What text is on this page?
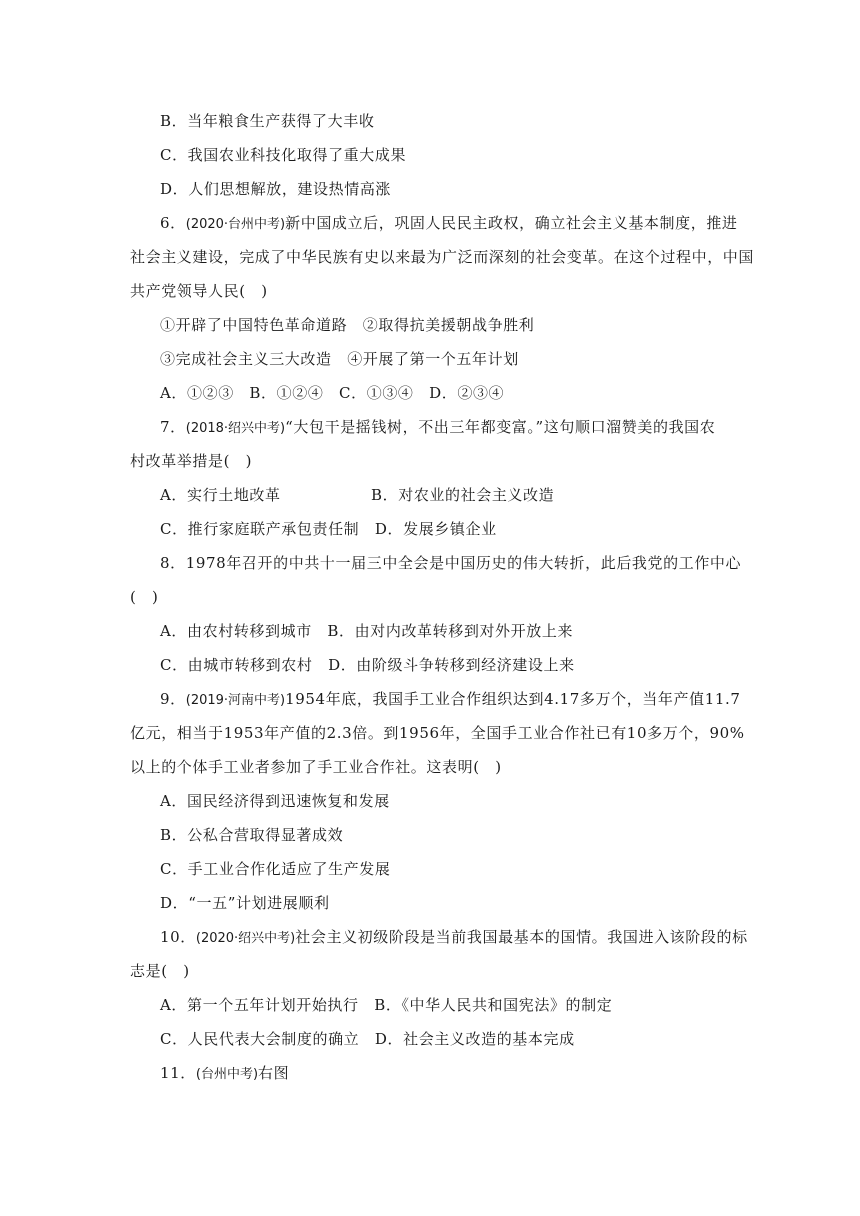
B．当年粮食生产获得了大丰收
C．我国农业科技化取得了重大成果
D．人们思想解放，建设热情高涨
6．(2020·台州中考)新中国成立后，巩固人民民主政权，确立社会主义基本制度，推进
社会主义建设，完成了中华民族有史以来最为广泛而深刻的社会变革。在这个过程中，中国
共产党领导人民(　)
①开辟了中国特色革命道路　②取得抗美援朝战争胜利
③完成社会主义三大改造　④开展了第一个五年计划
A．①②③　B．①②④　C．①③④　D．②③④
7．(2018·绍兴中考)“大包干是摇钱树，不出三年都变富。”这句顺口溜赞美的我国农
村改革举措是(　)
A．实行土地改革	B．对农业的社会主义改造
C．推行家庭联产承包责任制　D．发展乡镇企业
8．1978年召开的中共十一届三中全会是中国历史的伟大转折，此后我党的工作中心
(　)
A．由农村转移到城市　B．由对内改革转移到对外开放上来
C．由城市转移到农村　D．由阶级斗争转移到经济建设上来
9．(2019·河南中考)1954年底，我国手工业合作组织达到4.17多万个，当年产值11.7
亿元，相当于1953年产值的2.3倍。到1956年，全国手工业合作社已有10多万个，90%
以上的个体手工业者参加了手工业合作社。这表明(　)
A．国民经济得到迅速恢复和发展
B．公私合营取得显著成效
C．手工业合作化适应了生产发展
D．“一五”计划进展顺利
10．(2020·绍兴中考)社会主义初级阶段是当前我国最基本的国情。我国进入该阶段的标
志是(　)
A．第一个五年计划开始执行　B．《中华人民共和国宪法》的制定
C．人民代表大会制度的确立　D．社会主义改造的基本完成
11．(台州中考)右图
